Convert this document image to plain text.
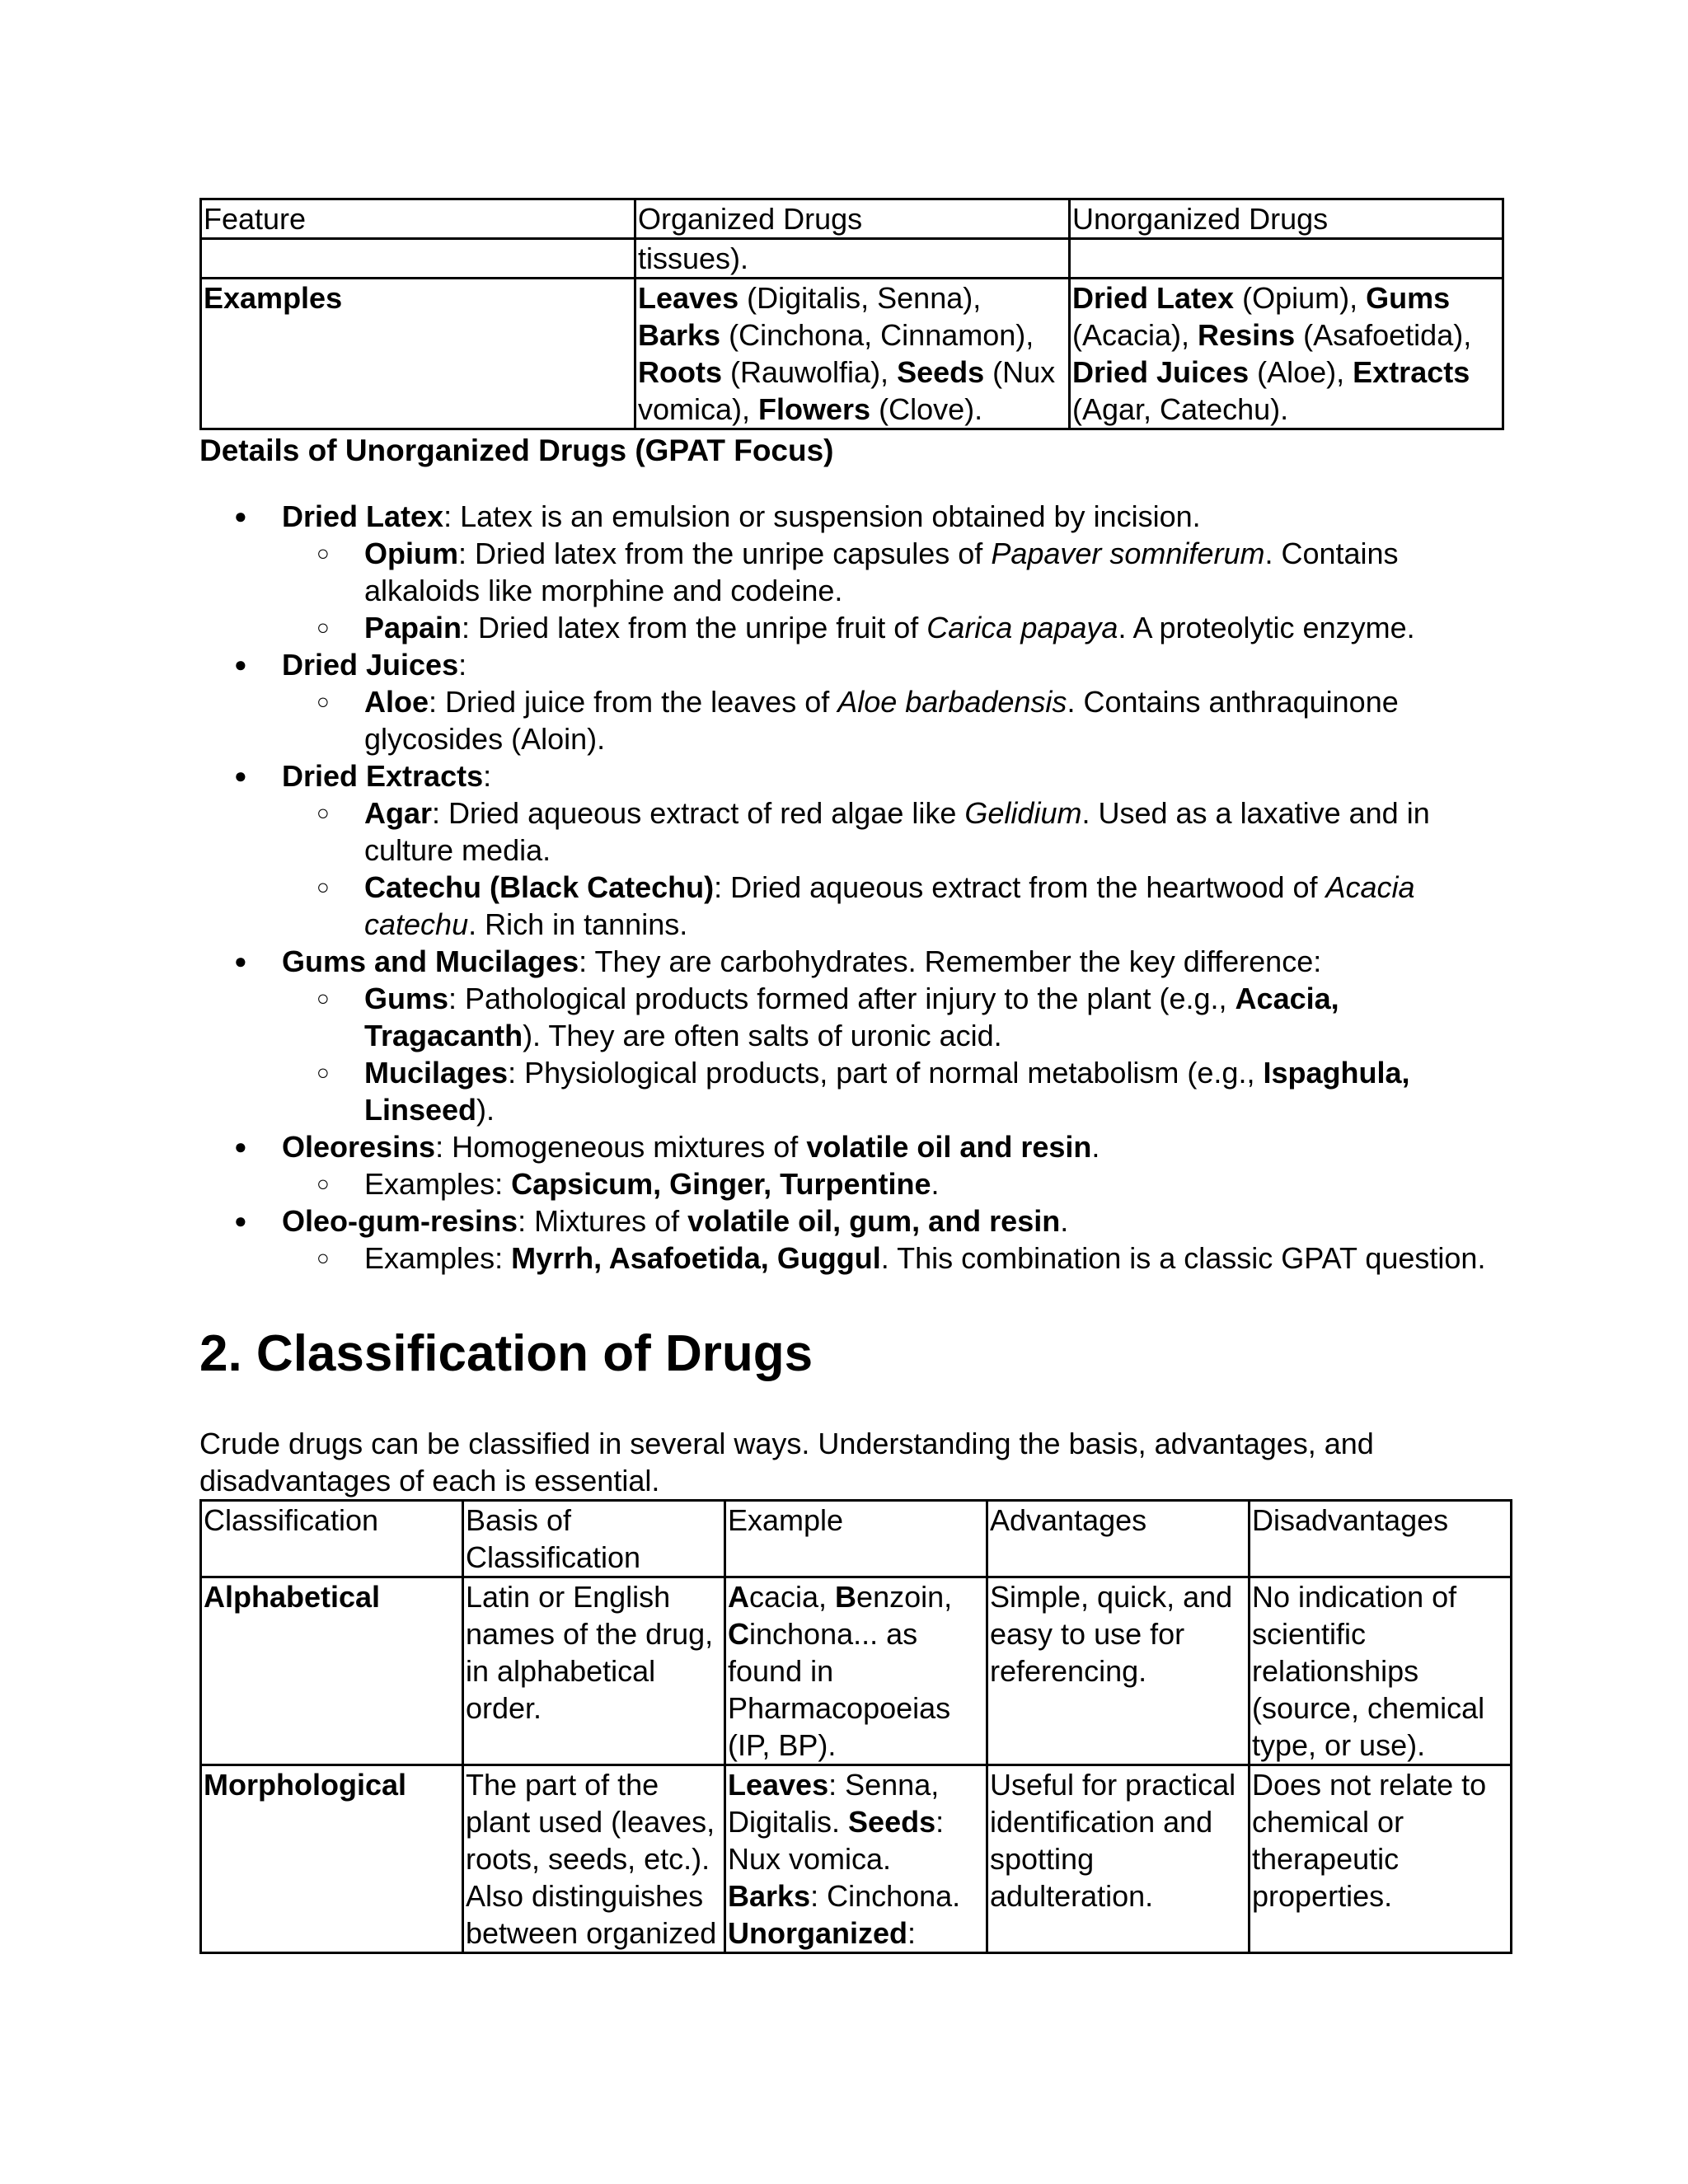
Feature	Organized Drugs	Unorganized Drugs
	tissues).	
Examples	Leaves (Digitalis, Senna), Barks (Cinchona, Cinnamon), Roots (Rauwolfia), Seeds (Nux vomica), Flowers (Clove).	Dried Latex (Opium), Gums (Acacia), Resins (Asafoetida), Dried Juices (Aloe), Extracts (Agar, Catechu).
Details of Unorganized Drugs (GPAT Focus)
● Dried Latex: Latex is an emulsion or suspension obtained by incision.
○ Opium: Dried latex from the unripe capsules of Papaver somniferum. Contains alkaloids like morphine and codeine.
○ Papain: Dried latex from the unripe fruit of Carica papaya. A proteolytic enzyme.
● Dried Juices:
○ Aloe: Dried juice from the leaves of Aloe barbadensis. Contains anthraquinone glycosides (Aloin).
● Dried Extracts:
○ Agar: Dried aqueous extract of red algae like Gelidium. Used as a laxative and in culture media.
○ Catechu (Black Catechu): Dried aqueous extract from the heartwood of Acacia catechu. Rich in tannins.
● Gums and Mucilages: They are carbohydrates. Remember the key difference:
○ Gums: Pathological products formed after injury to the plant (e.g., Acacia, Tragacanth). They are often salts of uronic acid.
○ Mucilages: Physiological products, part of normal metabolism (e.g., Ispaghula, Linseed).
● Oleoresins: Homogeneous mixtures of volatile oil and resin.
○ Examples: Capsicum, Ginger, Turpentine.
● Oleo-gum-resins: Mixtures of volatile oil, gum, and resin.
○ Examples: Myrrh, Asafoetida, Guggul. This combination is a classic GPAT question.
2. Classification of Drugs

Crude drugs can be classified in several ways. Understanding the basis, advantages, and disadvantages of each is essential.

Classification	Basis of Classification	Example	Advantages	Disadvantages
Alphabetical	Latin or English names of the drug, in alphabetical order.	Acacia, Benzoin, Cinchona... as found in Pharmacopoeias (IP, BP).	Simple, quick, and easy to use for referencing.	No indication of scientific relationships (source, chemical type, or use).
Morphological	The part of the plant used (leaves, roots, seeds, etc.). Also distinguishes between organized	Leaves: Senna, Digitalis. Seeds: Nux vomica. Barks: Cinchona. Unorganized:	Useful for practical identification and spotting adulteration.	Does not relate to chemical or therapeutic properties.
